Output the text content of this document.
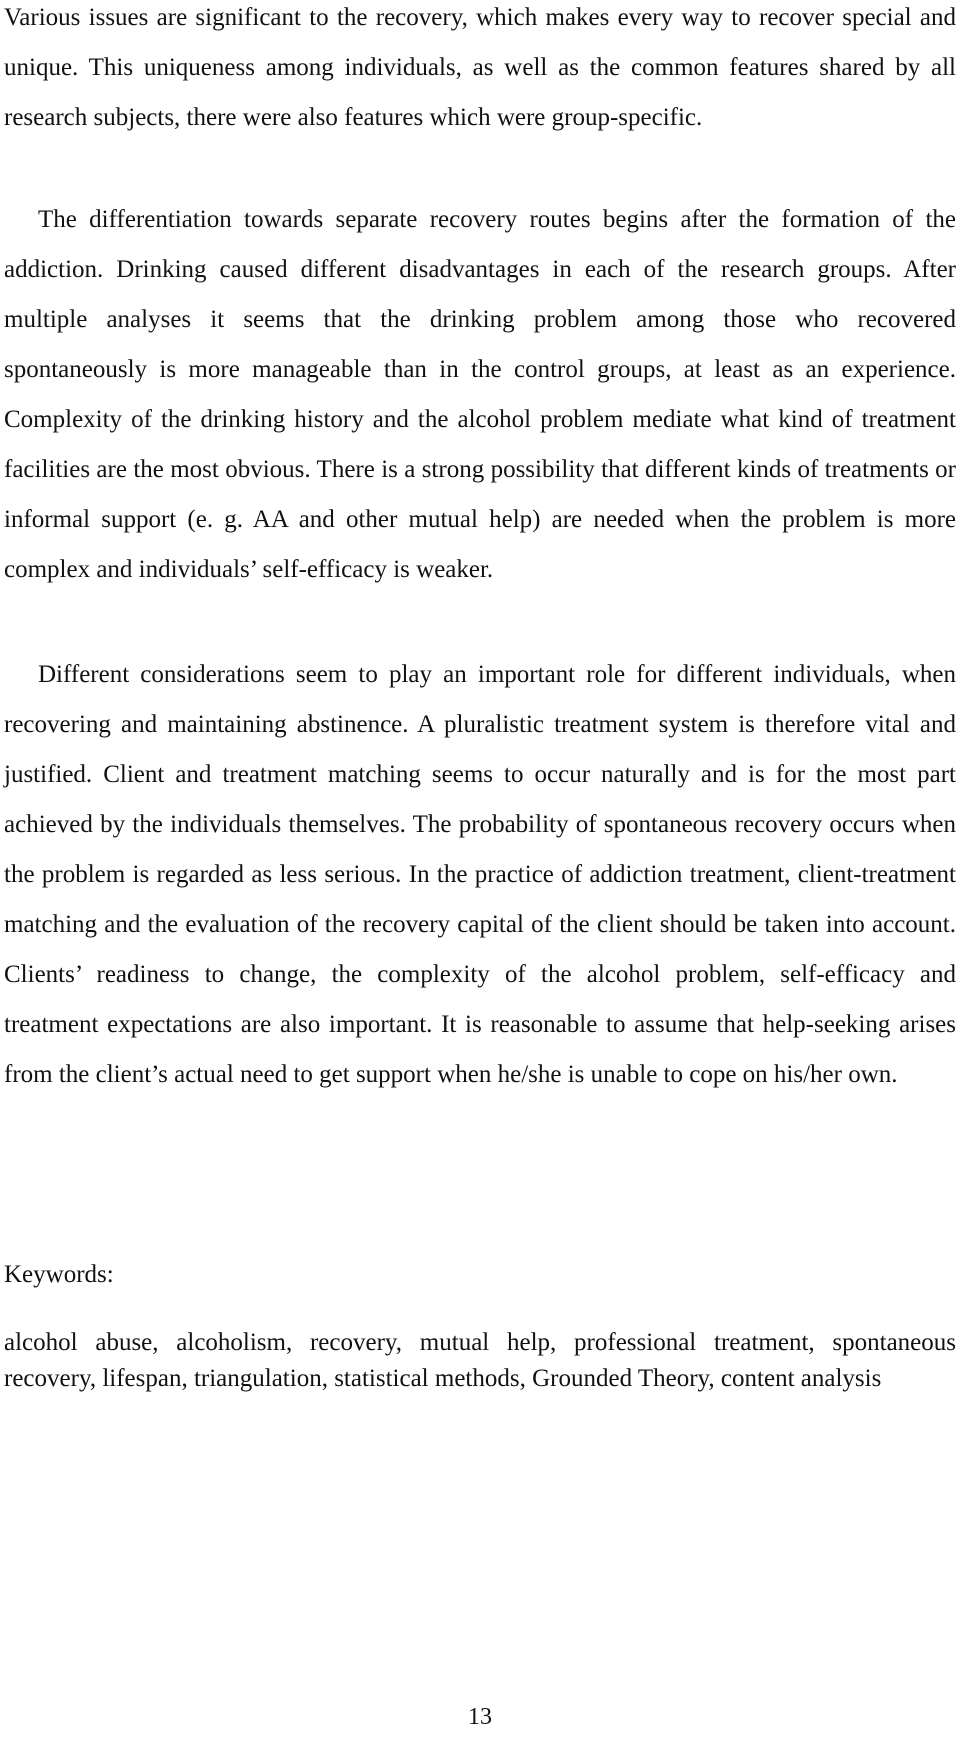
Various issues are significant to the recovery, which makes every way to recover special and unique. This uniqueness among individuals, as well as the common features shared by all research subjects, there were also features which were group-specific.

The differentiation towards separate recovery routes begins after the formation of the addiction. Drinking caused different disadvantages in each of the research groups. After multiple analyses it seems that the drinking problem among those who recovered spontaneously is more manageable than in the control groups, at least as an experience. Complexity of the drinking history and the alcohol problem mediate what kind of treatment facilities are the most obvious. There is a strong possibility that different kinds of treatments or informal support (e. g. AA and other mutual help) are needed when the problem is more complex and individuals’ self-efficacy is weaker.

Different considerations seem to play an important role for different individuals, when recovering and maintaining abstinence. A pluralistic treatment system is therefore vital and justified. Client and treatment matching seems to occur naturally and is for the most part achieved by the individuals themselves. The probability of spontaneous recovery occurs when the problem is regarded as less serious. In the practice of addiction treatment, client-treatment matching and the evaluation of the recovery capital of the client should be taken into account. Clients’ readiness to change, the complexity of the alcohol problem, self-efficacy and treatment expectations are also important. It is reasonable to assume that help-seeking arises from the client’s actual need to get support when he/she is unable to cope on his/her own.

Keywords:

alcohol abuse, alcoholism, recovery, mutual help, professional treatment, spontaneous recovery, lifespan, triangulation, statistical methods, Grounded Theory, content analysis

13
